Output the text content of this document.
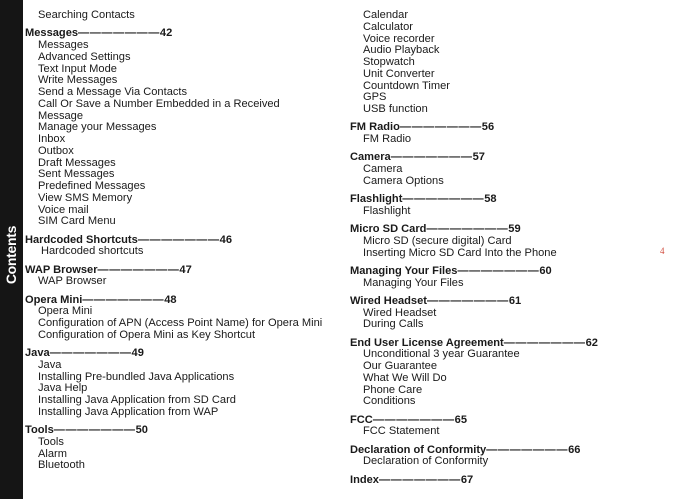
Contents
Searching Contacts
Messages———————42
Messages
Advanced Settings
Text Input Mode
Write Messages
Send a Message Via Contacts
Call Or Save a Number Embedded in a Received Message
Manage your Messages
Inbox
Outbox
Draft Messages
Sent Messages
Predefined Messages
View SMS Memory
Voice mail
SIM Card Menu
Hardcoded Shortcuts———————46
Hardcoded shortcuts
WAP Browser———————47
WAP Browser
Opera Mini———————48
Opera Mini
Configuration of APN (Access Point Name) for Opera Mini
Configuration of Opera Mini as Key Shortcut
Java———————49
Java
Installing Pre-bundled Java Applications
Java Help
Installing Java Application from SD Card
Installing Java Application from WAP
Tools———————50
Tools
Alarm
Bluetooth
Calendar
Calculator
Voice recorder
Audio Playback
Stopwatch
Unit Converter
Countdown Timer
GPS
USB function
FM Radio———————56
FM Radio
Camera———————57
Camera
Camera Options
Flashlight———————58
Flashlight
Micro SD Card———————59
Micro SD (secure digital) Card
Inserting Micro SD Card Into the Phone
Managing Your Files———————60
Managing Your Files
Wired Headset———————61
Wired Headset
During Calls
End User License Agreement———————62
Unconditional 3 year Guarantee
Our Guarantee
What We Will Do
Phone Care
Conditions
FCC———————65
FCC Statement
Declaration of Conformity———————66
Declaration of Conformity
Index———————67
4
